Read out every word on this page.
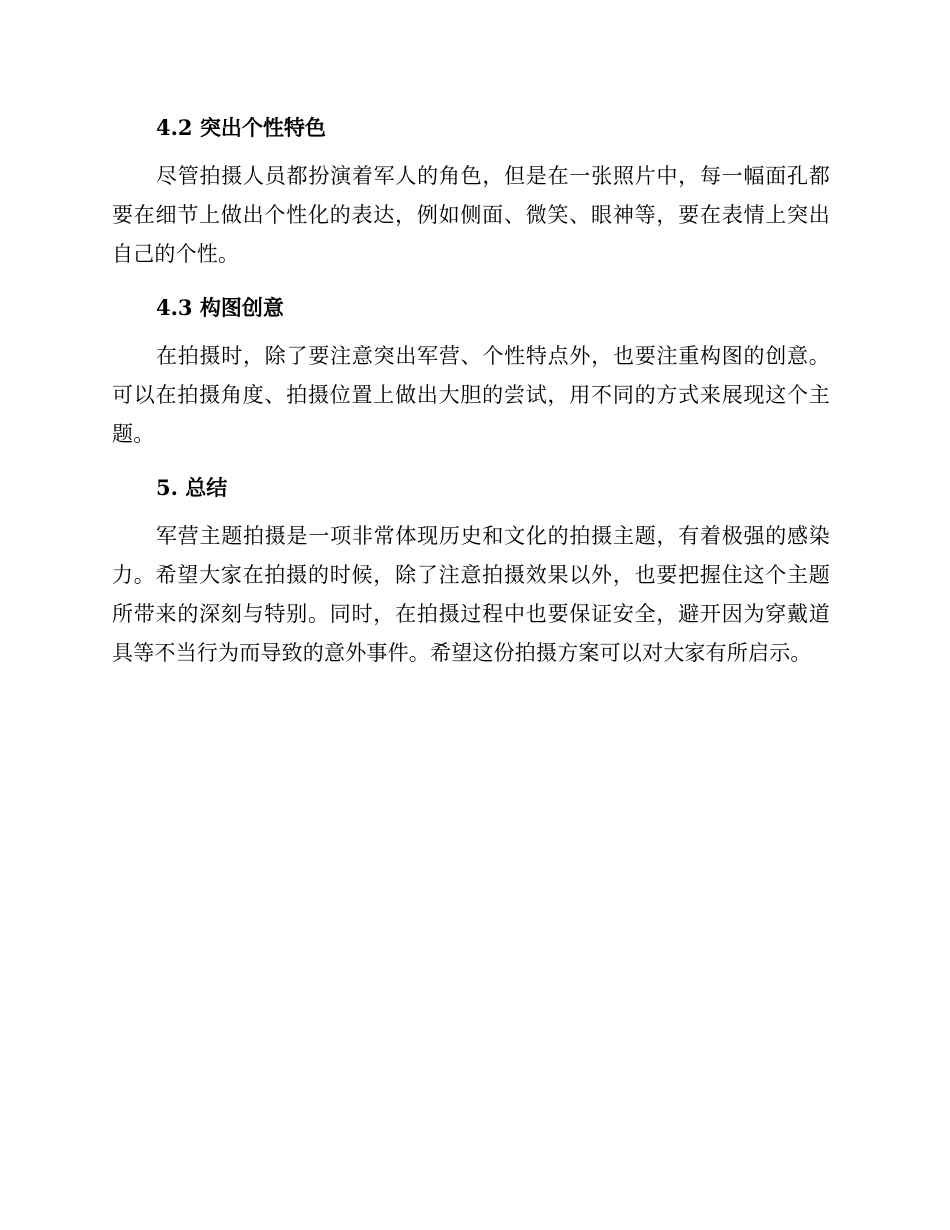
4.2 突出个性特色

尽管拍摄人员都扮演着军人的角色，但是在一张照片中，每一幅面孔都要在细节上做出个性化的表达，例如侧面、微笑、眼神等，要在表情上突出自己的个性。

4.3 构图创意

在拍摄时，除了要注意突出军营、个性特点外，也要注重构图的创意。可以在拍摄角度、拍摄位置上做出大胆的尝试，用不同的方式来展现这个主题。

5. 总结

军营主题拍摄是一项非常体现历史和文化的拍摄主题，有着极强的感染力。希望大家在拍摄的时候，除了注意拍摄效果以外，也要把握住这个主题所带来的深刻与特别。同时，在拍摄过程中也要保证安全，避开因为穿戴道具等不当行为而导致的意外事件。希望这份拍摄方案可以对大家有所启示。
